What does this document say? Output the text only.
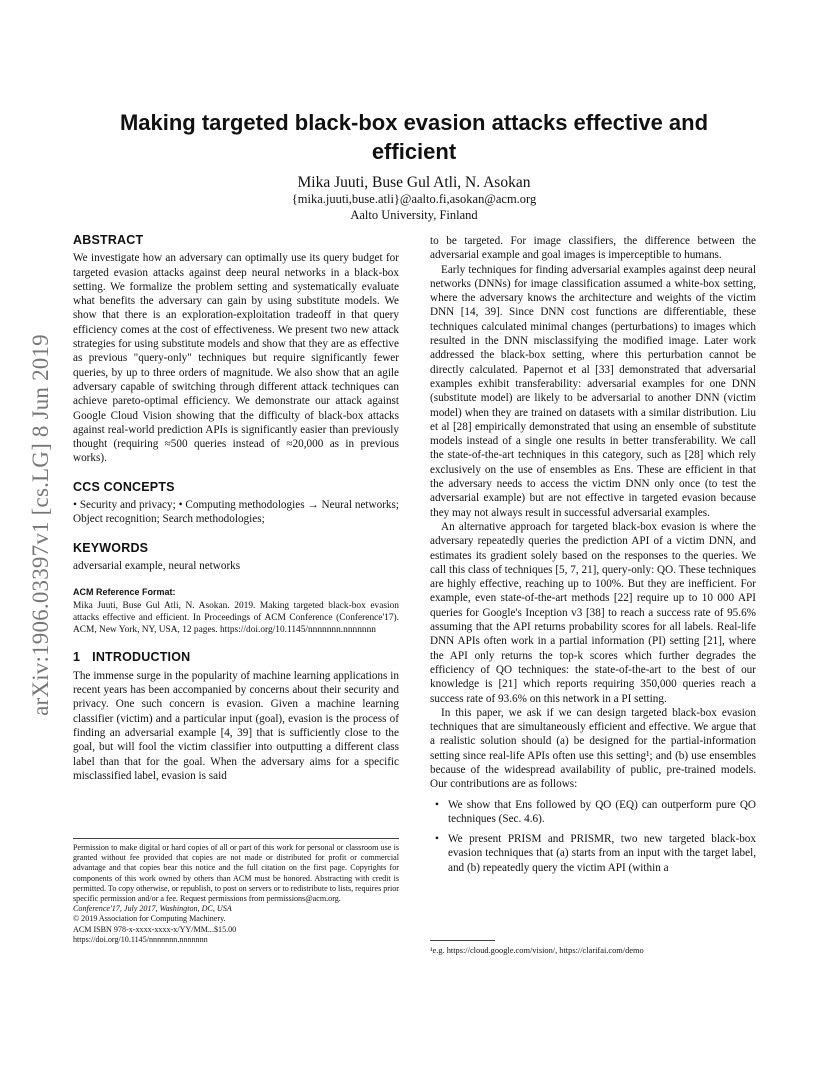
arXiv:1906.03397v1 [cs.LG] 8 Jun 2019
Making targeted black-box evasion attacks effective and efficient
Mika Juuti, Buse Gul Atli, N. Asokan
{mika.juuti,buse.atli}@aalto.fi,asokan@acm.org
Aalto University, Finland
ABSTRACT

We investigate how an adversary can optimally use its query budget for targeted evasion attacks against deep neural networks in a black-box setting. We formalize the problem setting and systematically evaluate what benefits the adversary can gain by using substitute models. We show that there is an exploration-exploitation tradeoff in that query efficiency comes at the cost of effectiveness. We present two new attack strategies for using substitute models and show that they are as effective as previous "query-only" techniques but require significantly fewer queries, by up to three orders of magnitude. We also show that an agile adversary capable of switching through different attack techniques can achieve pareto-optimal efficiency. We demonstrate our attack against Google Cloud Vision showing that the difficulty of black-box attacks against real-world prediction APIs is significantly easier than previously thought (requiring ≈500 queries instead of ≈20,000 as in previous works).

CCS CONCEPTS

• Security and privacy; • Computing methodologies → Neural networks; Object recognition; Search methodologies;

KEYWORDS

adversarial example, neural networks

ACM Reference Format:

Mika Juuti, Buse Gul Atli, N. Asokan. 2019. Making targeted black-box evasion attacks effective and efficient. In Proceedings of ACM Conference (Conference'17). ACM, New York, NY, USA, 12 pages. https://doi.org/10.1145/nnnnnnn.nnnnnnn

1 INTRODUCTION

The immense surge in the popularity of machine learning applications in recent years has been accompanied by concerns about their security and privacy. One such concern is evasion. Given a machine learning classifier (victim) and a particular input (goal), evasion is the process of finding an adversarial example [4, 39] that is sufficiently close to the goal, but will fool the victim classifier into outputting a different class label than that for the goal. When the adversary aims for a specific misclassified label, evasion is said

Permission to make digital or hard copies of all or part of this work for personal or classroom use is granted without fee provided that copies are not made or distributed for profit or commercial advantage and that copies bear this notice and the full citation on the first page. Copyrights for components of this work owned by others than ACM must be honored. Abstracting with credit is permitted. To copy otherwise, or republish, to post on servers or to redistribute to lists, requires prior specific permission and/or a fee. Request permissions from permissions@acm.org.
Conference'17, July 2017, Washington, DC, USA
© 2019 Association for Computing Machinery.
ACM ISBN 978-x-xxxx-xxxx-x/YY/MM...$15.00
https://doi.org/10.1145/nnnnnnn.nnnnnnn

to be targeted. For image classifiers, the difference between the adversarial example and goal images is imperceptible to humans.

Early techniques for finding adversarial examples against deep neural networks (DNNs) for image classification assumed a white-box setting, where the adversary knows the architecture and weights of the victim DNN [14, 39]. Since DNN cost functions are differentiable, these techniques calculated minimal changes (perturbations) to images which resulted in the DNN misclassifying the modified image. Later work addressed the black-box setting, where this perturbation cannot be directly calculated. Papernot et al [33] demonstrated that adversarial examples exhibit transferability: adversarial examples for one DNN (substitute model) are likely to be adversarial to another DNN (victim model) when they are trained on datasets with a similar distribution. Liu et al [28] empirically demonstrated that using an ensemble of substitute models instead of a single one results in better transferability. We call the state-of-the-art techniques in this category, such as [28] which rely exclusively on the use of ensembles as Ens. These are efficient in that the adversary needs to access the victim DNN only once (to test the adversarial example) but are not effective in targeted evasion because they may not always result in successful adversarial examples.

An alternative approach for targeted black-box evasion is where the adversary repeatedly queries the prediction API of a victim DNN, and estimates its gradient solely based on the responses to the queries. We call this class of techniques [5, 7, 21], query-only: QO. These techniques are highly effective, reaching up to 100%. But they are inefficient. For example, even state-of-the-art methods [22] require up to 10 000 API queries for Google's Inception v3 [38] to reach a success rate of 95.6% assuming that the API returns probability scores for all labels. Real-life DNN APIs often work in a partial information (PI) setting [21], where the API only returns the top-k scores which further degrades the efficiency of QO techniques: the state-of-the-art to the best of our knowledge is [21] which reports requiring 350,000 queries reach a success rate of 93.6% on this network in a PI setting.

In this paper, we ask if we can design targeted black-box evasion techniques that are simultaneously efficient and effective. We argue that a realistic solution should (a) be designed for the partial-information setting since real-life APIs often use this setting¹; and (b) use ensembles because of the widespread availability of public, pre-trained models. Our contributions are as follows:

• We show that Ens followed by QO (EQ) can outperform pure QO techniques (Sec. 4.6).
• We present PRISM and PRISMR, two new targeted black-box evasion techniques that (a) starts from an input with the target label, and (b) repeatedly query the victim API (within a
¹e.g. https://cloud.google.com/vision/, https://clarifai.com/demo
